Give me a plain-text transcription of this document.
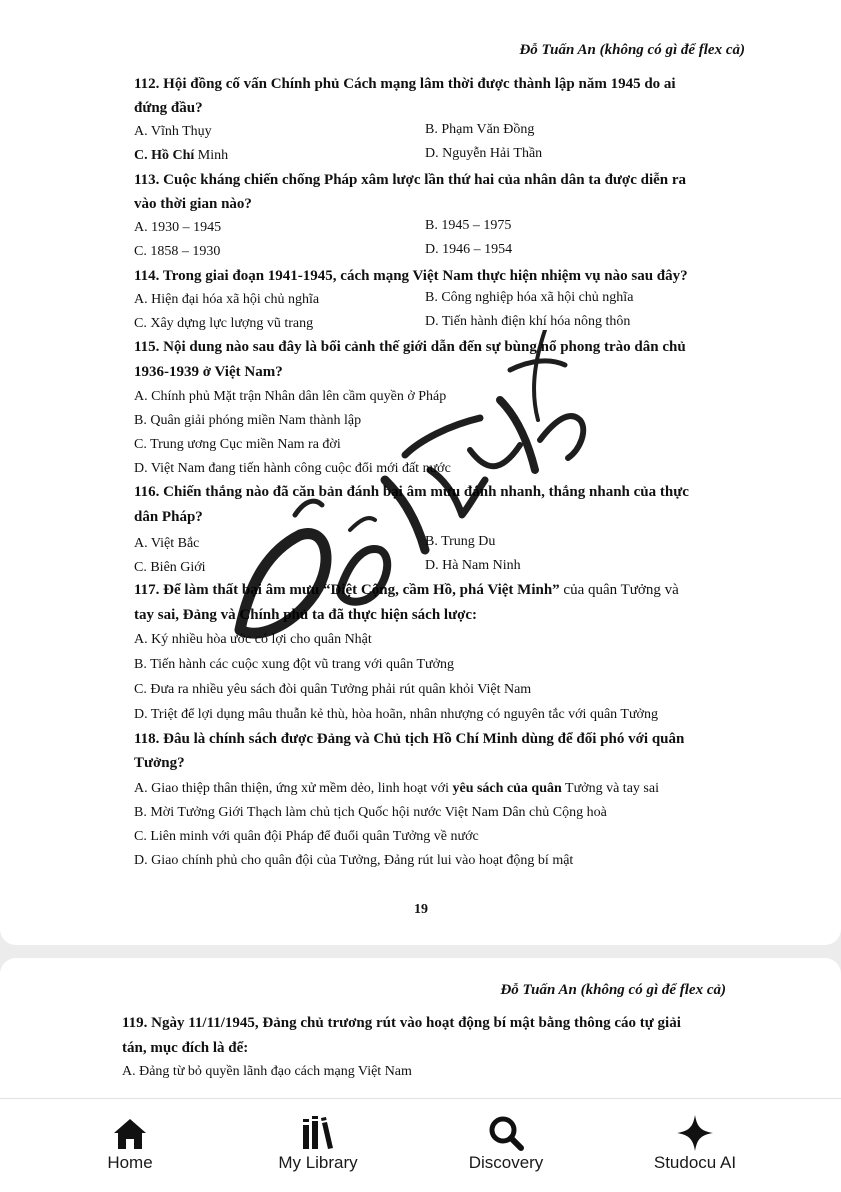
Đỗ Tuấn An (không có gì để flex cả)
112. Hội đồng cố vấn Chính phủ Cách mạng lâm thời được thành lập năm 1945 do ai
đứng đầu?
A. Vĩnh Thụy	B. Phạm Văn Đồng
C. Hồ Chí Minh	D. Nguyễn Hải Thần
113. Cuộc kháng chiến chống Pháp xâm lược lần thứ hai của nhân dân ta được diễn ra
vào thời gian nào?
A. 1930 – 1945	B. 1945 – 1975
C. 1858 – 1930	D. 1946 – 1954
114. Trong giai đoạn 1941-1945, cách mạng Việt Nam thực hiện nhiệm vụ nào sau đây?
A. Hiện đại hóa xã hội chủ nghĩa	B. Công nghiệp hóa xã hội chủ nghĩa
C. Xây dựng lực lượng vũ trang	D. Tiến hành điện khí hóa nông thôn
115. Nội dung nào sau đây là bối cảnh thế giới dẫn đến sự bùng nổ phong trào dân chủ
1936-1939 ở Việt Nam?
A. Chính phủ Mặt trận Nhân dân lên cầm quyền ở Pháp
B. Quân giải phóng miền Nam thành lập
C. Trung ương Cục miền Nam ra đời
D. Việt Nam đang tiến hành công cuộc đổi mới đất nước
116. Chiến thắng nào đã căn bản đánh bại âm mưu đánh nhanh, thắng nhanh của thực
dân Pháp?
A. Việt Bắc	B. Trung Du
C. Biên Giới	D. Hà Nam Ninh
117. Để làm thất bại âm mưu “Diệt Cộng, cầm Hồ, phá Việt Minh” của quân Tưởng và
tay sai, Đảng và Chính phủ ta đã thực hiện sách lược:
A. Ký nhiều hòa ước có lợi cho quân Nhật
B. Tiến hành các cuộc xung đột vũ trang với quân Tưởng
C. Đưa ra nhiều yêu sách đòi quân Tưởng phải rút quân khỏi Việt Nam
D. Triệt để lợi dụng mâu thuẫn kẻ thù, hòa hoãn, nhân nhượng có nguyên tắc với quân Tưởng
118. Đâu là chính sách được Đảng và Chủ tịch Hồ Chí Minh dùng để đối phó với quân
Tưởng?
A. Giao thiệp thân thiện, ứng xử mềm dẻo, linh hoạt với yêu sách của quân Tưởng và tay sai
B. Mời Tưởng Giới Thạch làm chủ tịch Quốc hội nước Việt Nam Dân chủ Cộng hoà
C. Liên minh với quân đội Pháp để đuổi quân Tưởng về nước
D. Giao chính phủ cho quân đội của Tưởng, Đảng rút lui vào hoạt động bí mật
19
Đỗ Tuấn An (không có gì để flex cả)
119. Ngày 11/11/1945, Đảng chủ trương rút vào hoạt động bí mật bằng thông cáo tự giải
tán, mục đích là để:
A. Đảng từ bỏ quyền lãnh đạo cách mạng Việt Nam
Home	My Library	Discovery	Studocu AI
